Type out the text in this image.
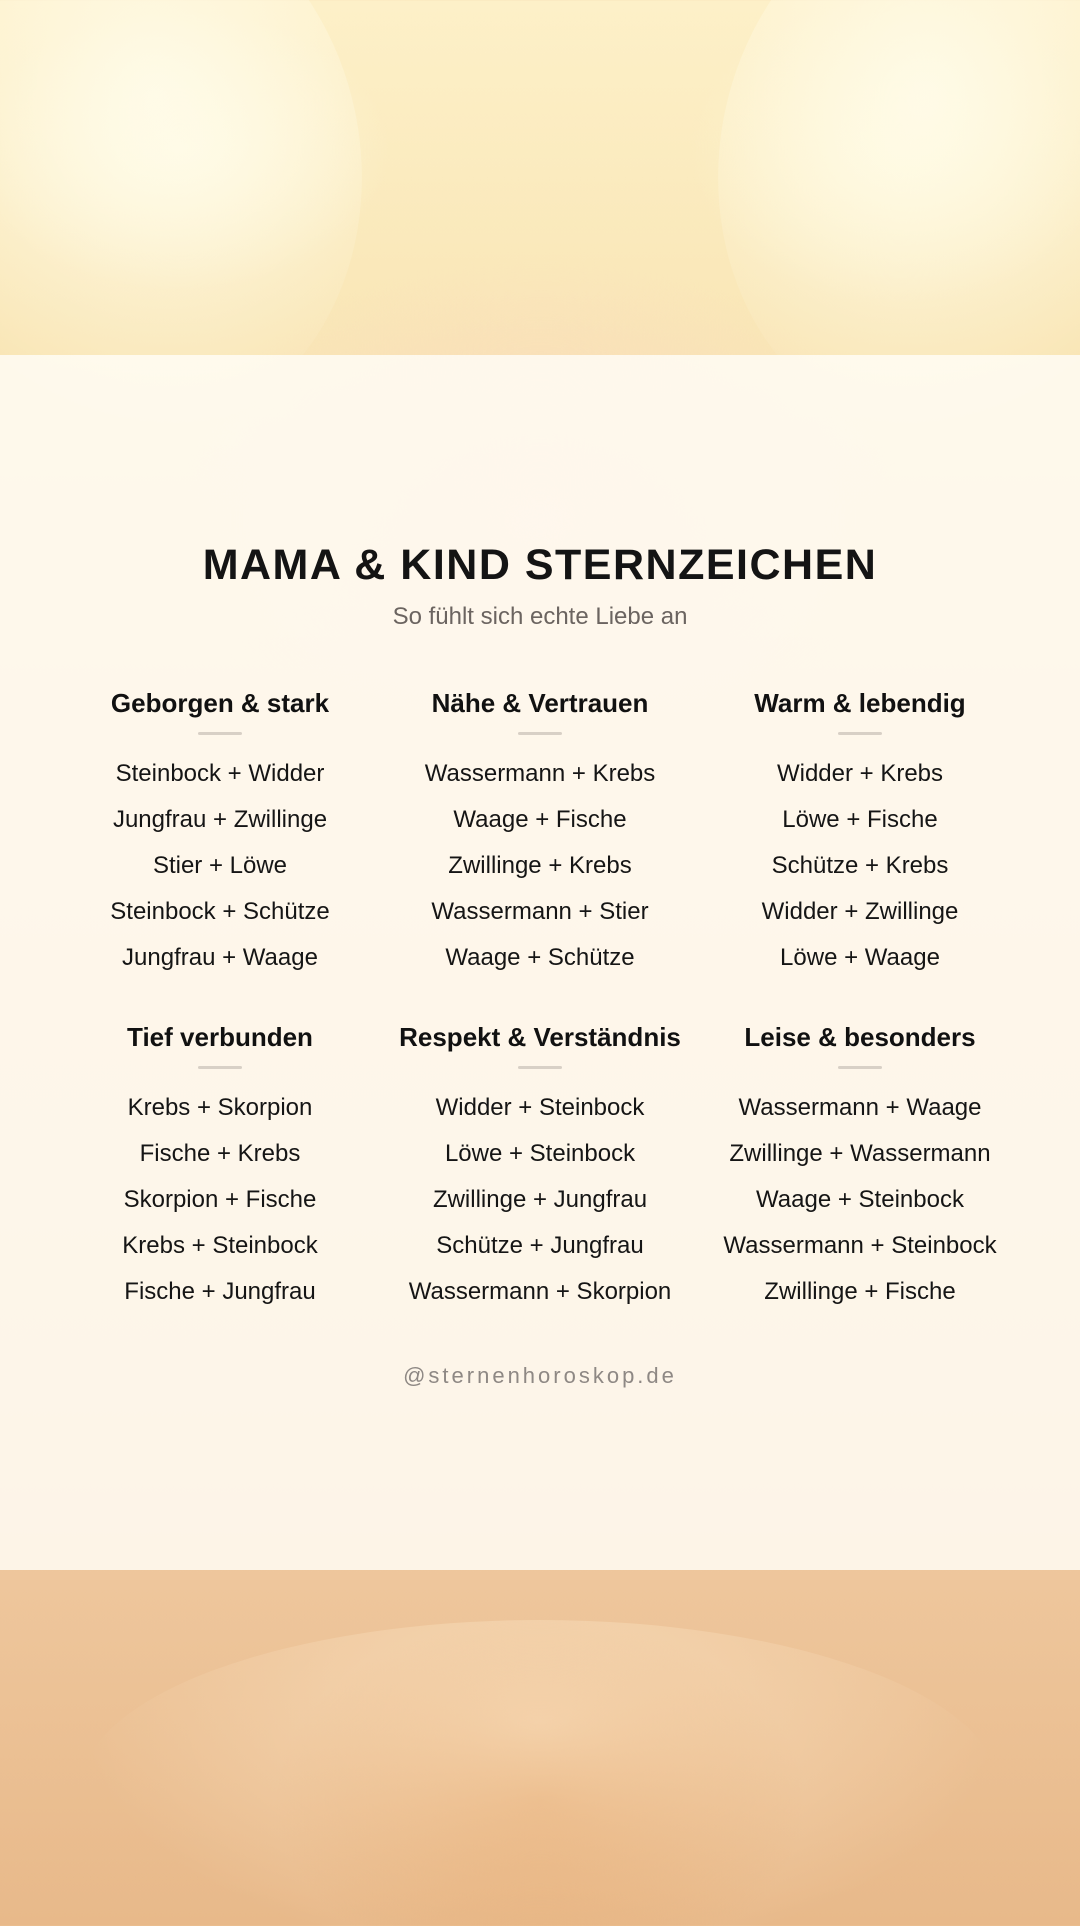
MAMA & KIND STERNZEICHEN
So fühlt sich echte Liebe an
Geborgen & stark
Steinbock + Widder
Jungfrau + Zwillinge
Stier + Löwe
Steinbock + Schütze
Jungfrau + Waage
Nähe & Vertrauen
Wassermann + Krebs
Waage + Fische
Zwillinge + Krebs
Wassermann + Stier
Waage + Schütze
Warm & lebendig
Widder + Krebs
Löwe + Fische
Schütze + Krebs
Widder + Zwillinge
Löwe + Waage
Tief verbunden
Krebs + Skorpion
Fische + Krebs
Skorpion + Fische
Krebs + Steinbock
Fische + Jungfrau
Respekt & Verständnis
Widder + Steinbock
Löwe + Steinbock
Zwillinge + Jungfrau
Schütze + Jungfrau
Wassermann + Skorpion
Leise & besonders
Wassermann + Waage
Zwillinge + Wassermann
Waage + Steinbock
Wassermann + Steinbock
Zwillinge + Fische
@sternenhoroskop.de
